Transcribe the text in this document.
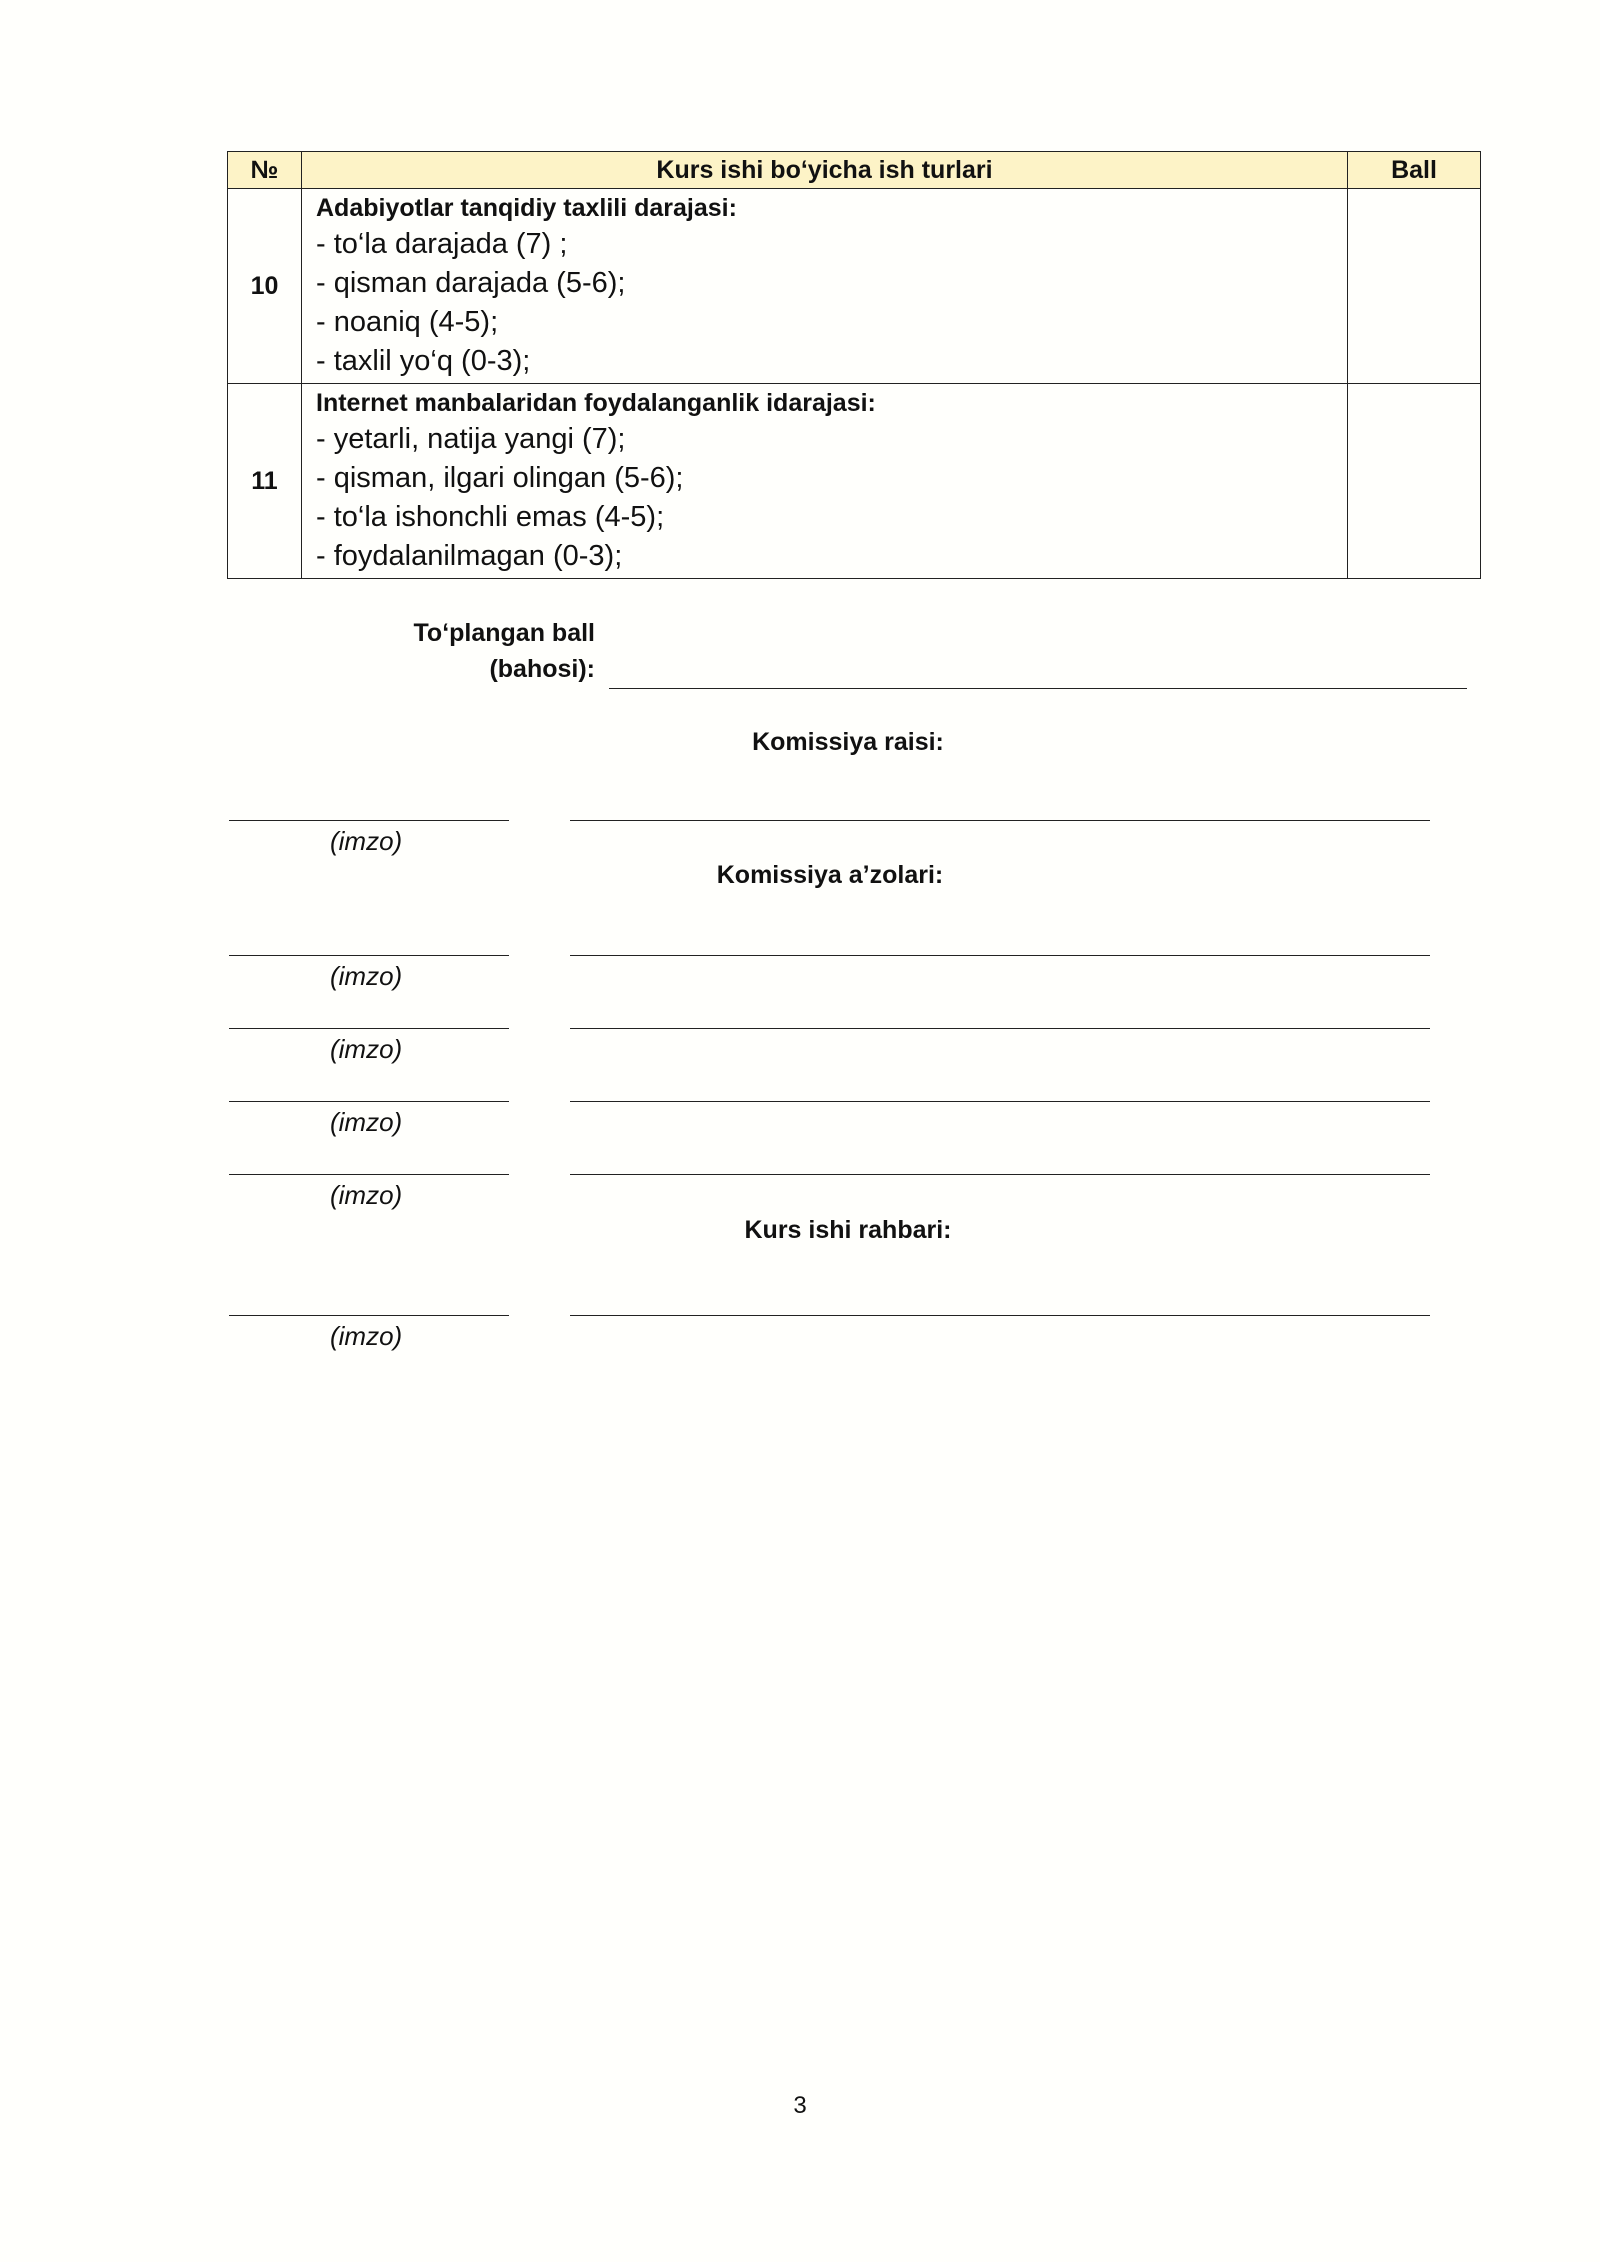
№	Kurs ishi bo‘yicha ish turlari	Ball
10	Adabiyotlar tanqidiy taxlili darajasi:
- to‘la darajada (7) ;
- qisman darajada (5-6);
- noaniq (4-5);
- taxlil yo‘q (0-3);	

11	Internet manbalaridan foydalanganlik idarajasi:
- yetarli, natija yangi (7);
- qisman, ilgari olingan (5-6);
- to‘la ishonchli emas (4-5);
- foydalanilmagan (0-3);	

To‘plangan ball
(bahosi):
Komissiya raisi:
(imzo)
Komissiya a’zolari:
(imzo)
(imzo)
(imzo)
(imzo)
Kurs ishi rahbari:
(imzo)
3
